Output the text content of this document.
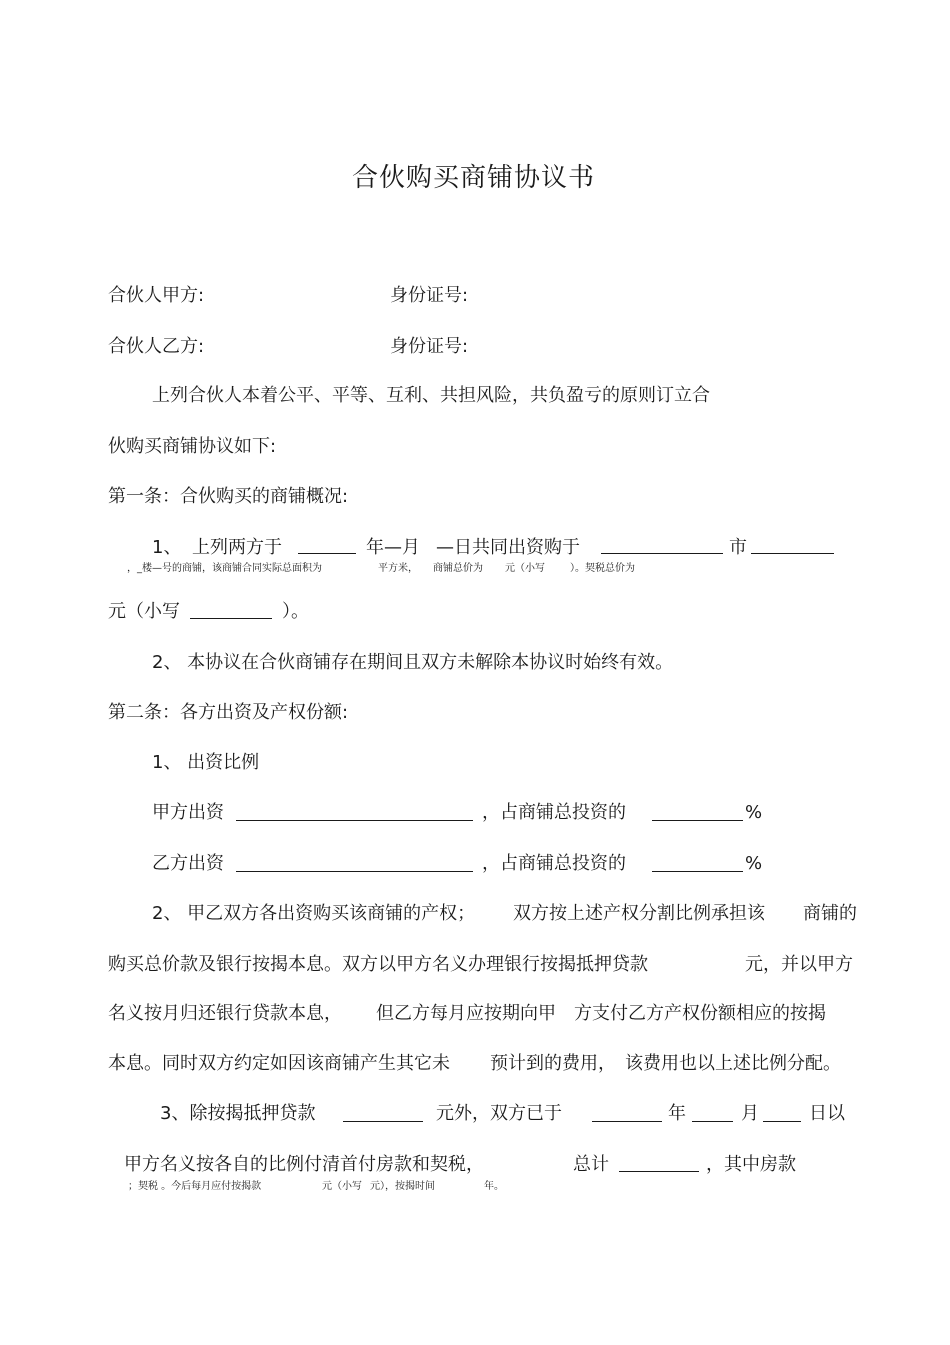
合伙购买商铺协议书
合伙人甲方:	身份证号:
合伙人乙方:	身份证号:
上列合伙人本着公平、平等、互利、共担风险，共负盈亏的原则订立合
伙购买商铺协议如下:
第一条：合伙购买的商铺概况:
1、 上列两方于	年—月 —日共同出资购于	市
，_楼—号的商铺，该商铺合同实际总面积为	平方米， 商铺总价为 元（小写	）。契税总价为
元（小写	）。
2、 本协议在合伙商铺存在期间且双方未解除本协议时始终有效。
第二条：各方出资及产权份额:
1、 出资比例
甲方出资	，占商铺总投资的	%
乙方出资	，占商铺总投资的	%
2、 甲乙双方各出资购买该商铺的产权； 双方按上述产权分割比例承担该 商铺的
购买总价款及银行按揭本息。双方以甲方名义办理银行按揭抵押贷款	元，并以甲方
名义按月归还银行贷款本息， 但乙方每月应按期向甲 方支付乙方产权份额相应的按揭
本息。同时双方约定如因该商铺产生其它未 预计到的费用， 该费用也以上述比例分配。
3、除按揭抵押贷款	元外，双方已于	年	月	日以
甲方名义按各自的比例付清首付房款和契税，	总计	，其中房款
；契税 。今后每月应付按揭款	元（小写 元），按揭时间	年。
